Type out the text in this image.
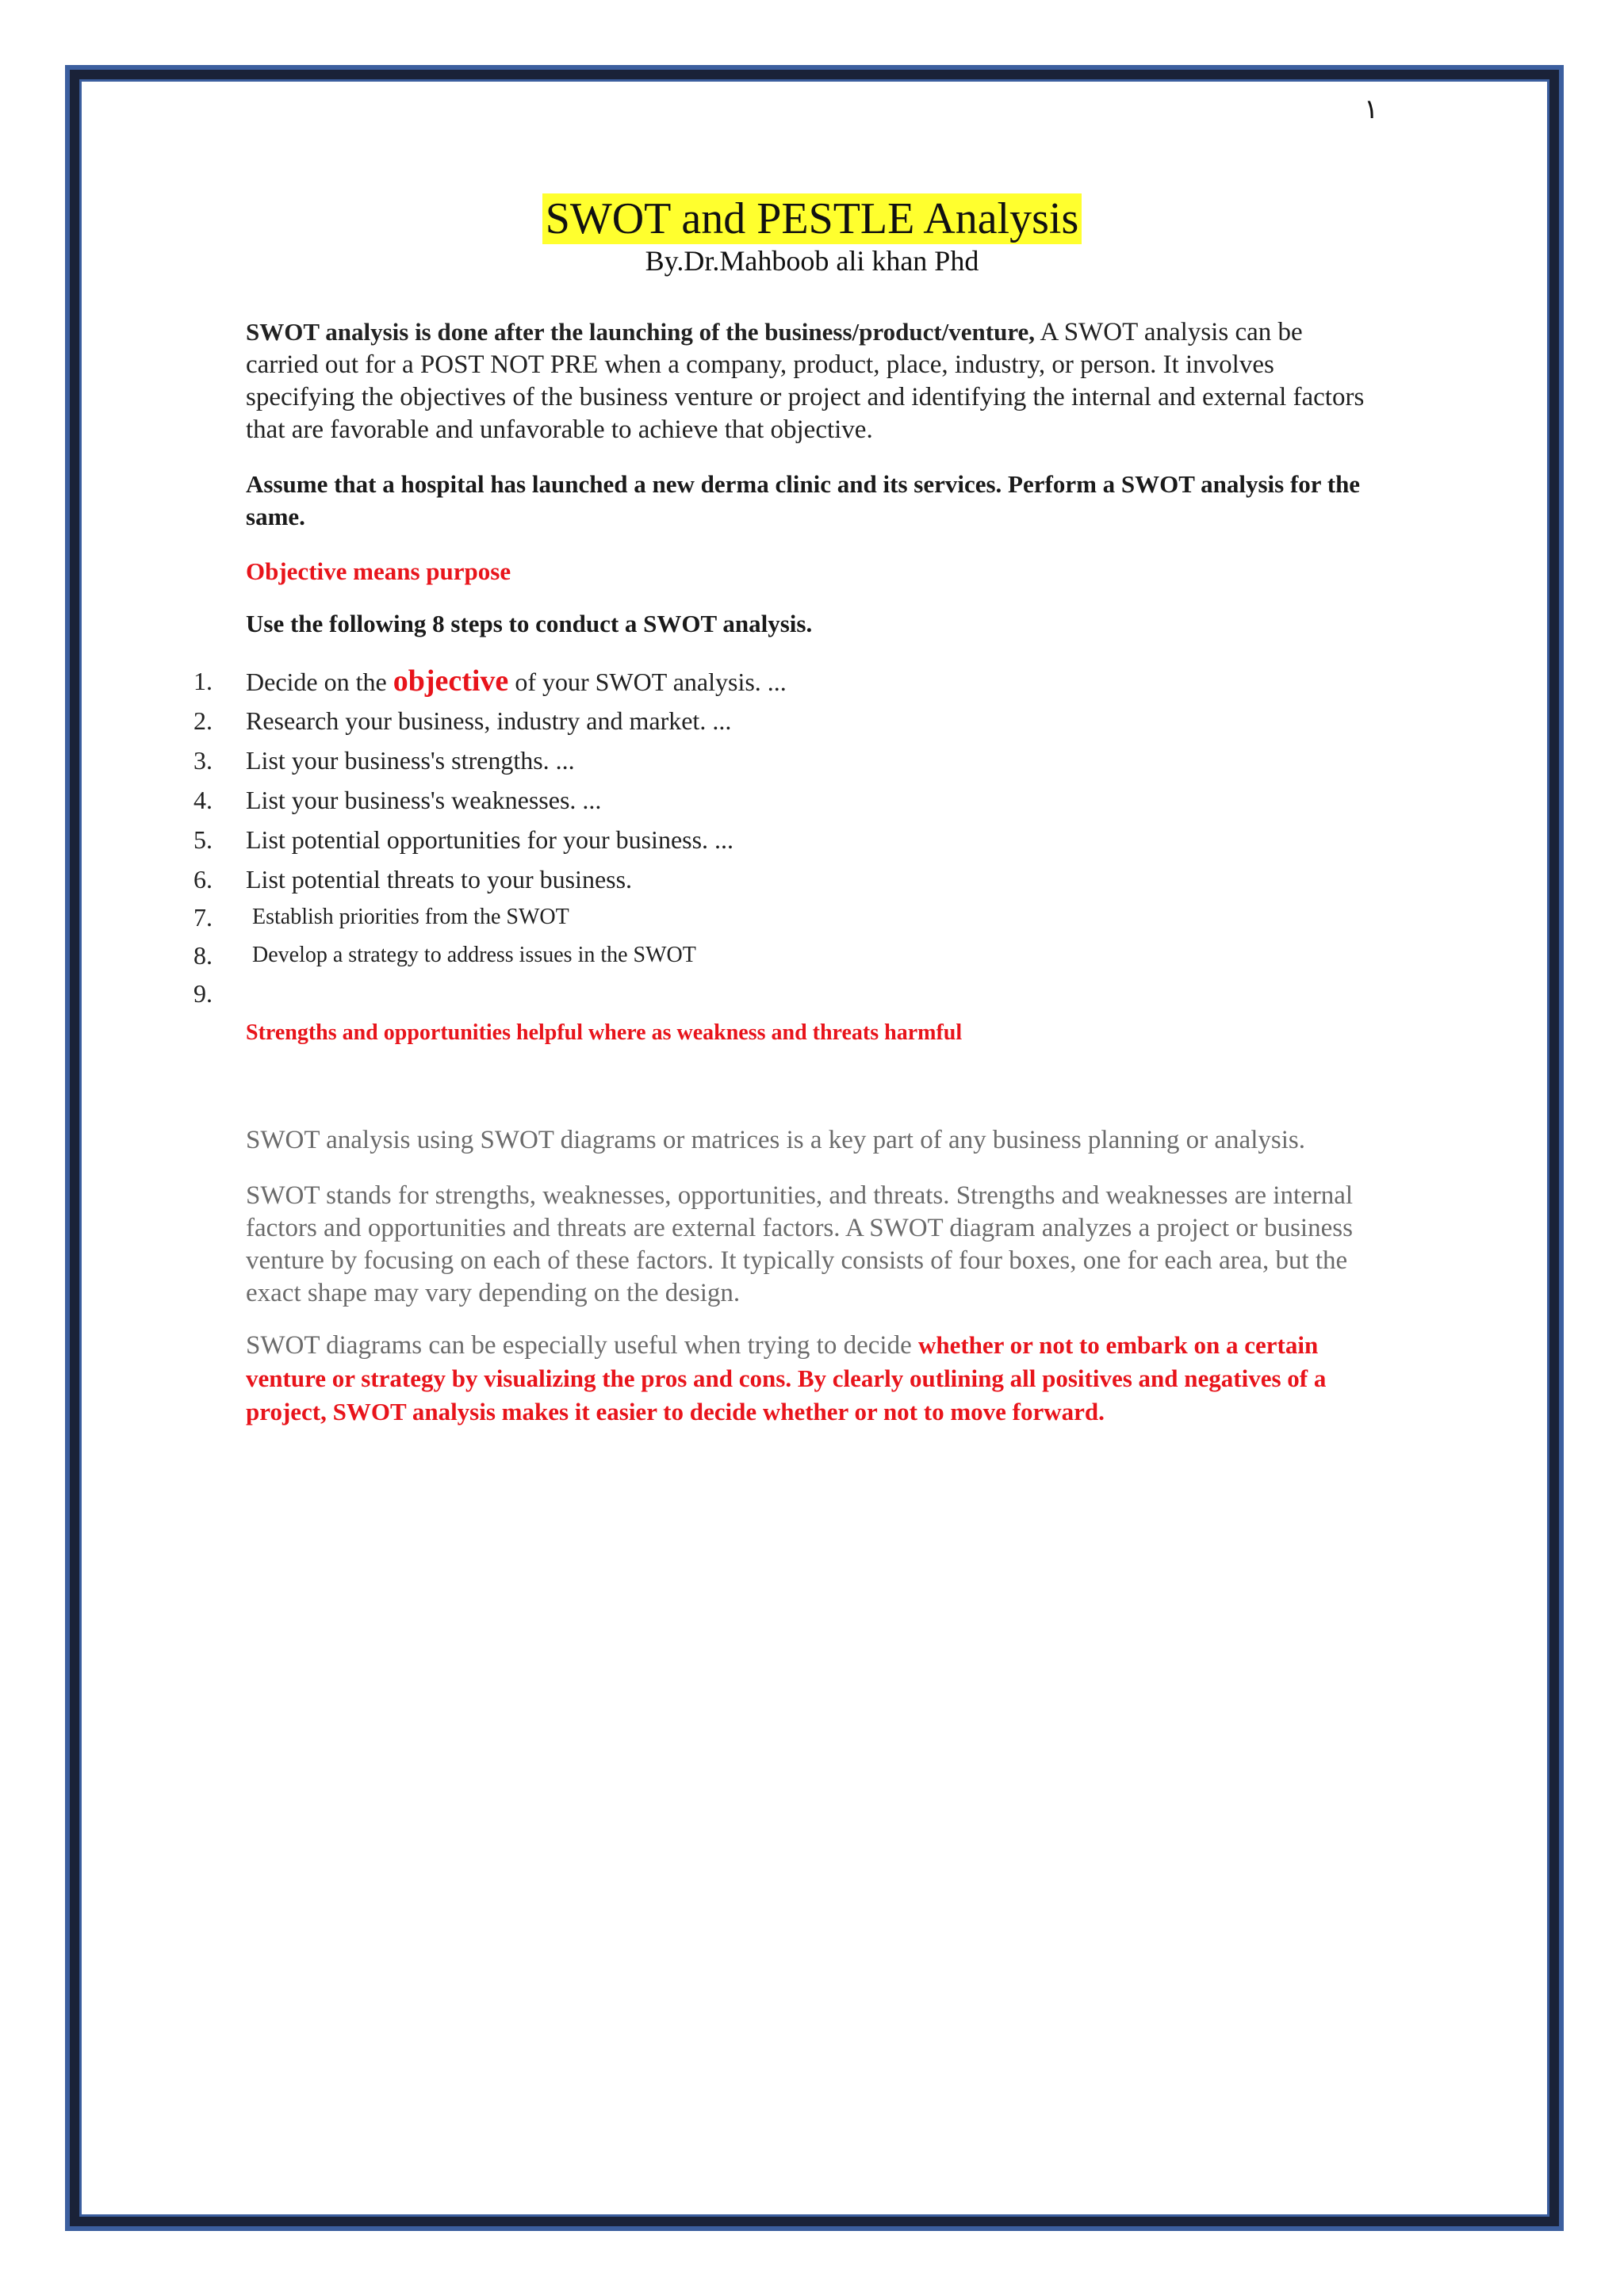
١
SWOT and PESTLE Analysis
By.Dr.Mahboob ali khan Phd
SWOT analysis is done after the launching of the business/product/venture, A SWOT analysis can be carried out for a POST NOT PRE when a company, product, place, industry, or person. It involves specifying the objectives of the business venture or project and identifying the internal and external factors that are favorable and unfavorable to achieve that objective.
Assume that a hospital has launched a new derma clinic and its services. Perform a SWOT analysis for the same.
Objective means purpose
Use the following 8 steps to conduct a SWOT analysis.
1.	Decide on the objective of your SWOT analysis. ...
2.	Research your business, industry and market. ...
3.	List your business's strengths. ...
4.	List your business's weaknesses. ...
5.	List potential opportunities for your business. ...
6.	List potential threats to your business.
7.	Establish priorities from the SWOT
8.	Develop a strategy to address issues in the SWOT
9.
Strengths and opportunities helpful where as weakness and threats harmful
SWOT analysis using SWOT diagrams or matrices is a key part of any business planning or analysis.
SWOT stands for strengths, weaknesses, opportunities, and threats. Strengths and weaknesses are internal factors and opportunities and threats are external factors. A SWOT diagram analyzes a project or business venture by focusing on each of these factors. It typically consists of four boxes, one for each area, but the exact shape may vary depending on the design.
SWOT diagrams can be especially useful when trying to decide whether or not to embark on a certain venture or strategy by visualizing the pros and cons. By clearly outlining all positives and negatives of a project, SWOT analysis makes it easier to decide whether or not to move forward.
